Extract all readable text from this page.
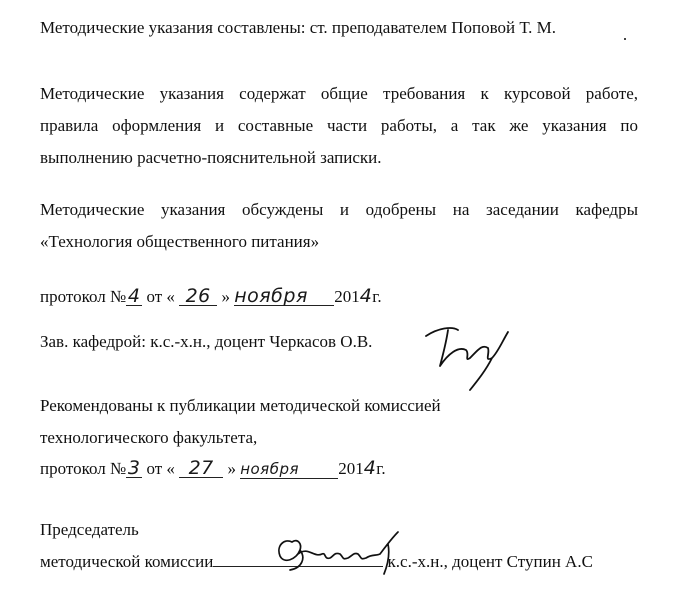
Методические указания составлены: ст. преподавателем Поповой Т. М.
Методические указания содержат общие требования к курсовой работе,
правила оформления и составные части работы, а так же указания по
выполнению расчетно-пояснительной записки.
Методические указания обсуждены и одобрены на заседании кафедры
«Технология общественного питания»
протокол №4 от « 26 » ноября 2014г.
Зав. кафедрой: к.с.-х.н., доцент Черкасов О.В.
Рекомендованы к публикации методической комиссией
технологического факультета,
протокол №3 от « 27 » ноября 2014г.
Председатель
методической комиссии	к.с.-х.н., доцент Ступин А.С
